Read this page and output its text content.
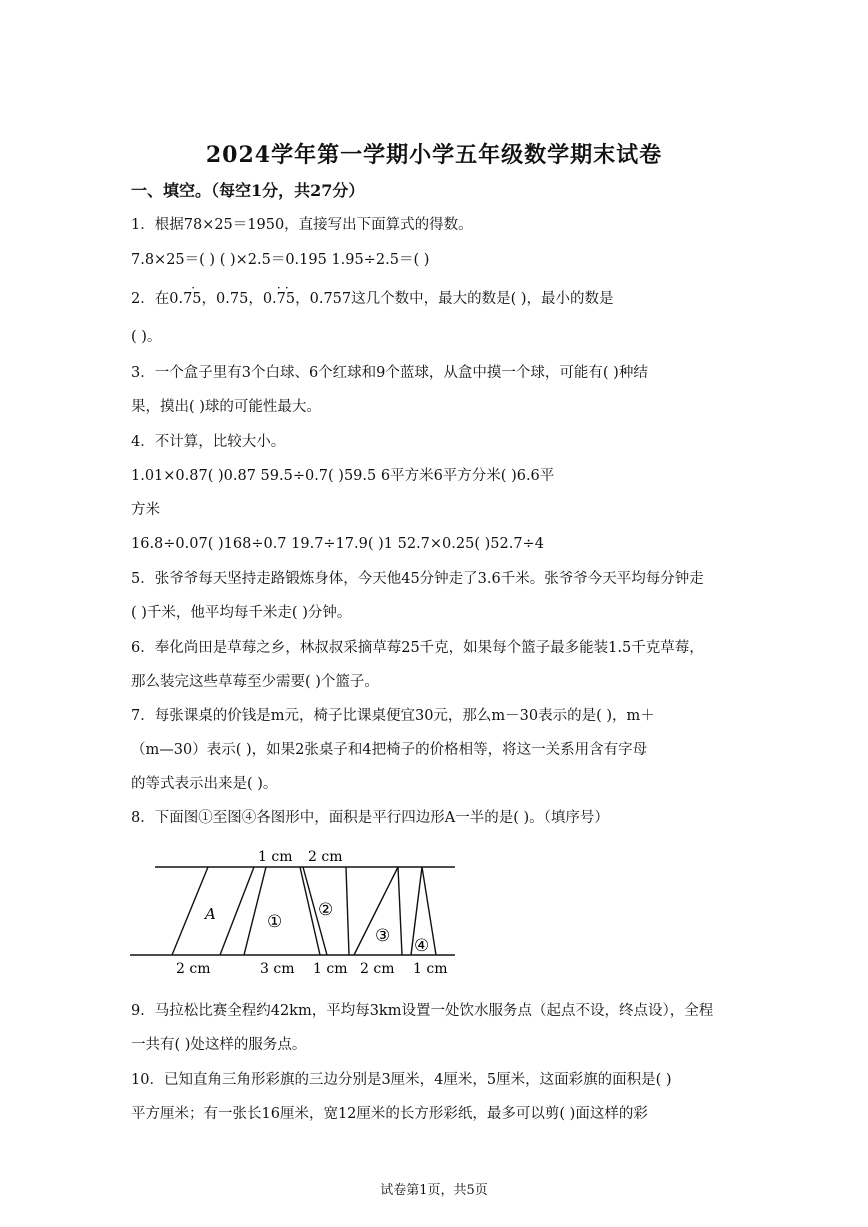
2024学年第一学期小学五年级数学期末试卷
一、填空。（每空1分，共27分）
1．根据78×25＝1950，直接写出下面算式的得数。
7.8×25＝( ) ( )×2.5＝0.195 1.95÷2.5＝( )
2．在0.75
·
，0.75，0.75
· ·
，0.757这几个数中，最大的数是( )，最小的数是
( )。
3．一个盒子里有3个白球、6个红球和9个蓝球，从盒中摸一个球，可能有( )种结
果，摸出( )球的可能性最大。
4．不计算，比较大小。
1.01×0.87( )0.87 59.5÷0.7( )59.5 6平方米6平方分米( )6.6平
方米
16.8÷0.07( )168÷0.7 19.7÷17.9( )1 52.7×0.25( )52.7÷4
5．张爷爷每天坚持走路锻炼身体，今天他45分钟走了3.6千米。张爷爷今天平均每分钟走
( )千米，他平均每千米走( )分钟。
6．奉化尚田是草莓之乡，林叔叔采摘草莓25千克，如果每个篮子最多能装1.5千克草莓，
那么装完这些草莓至少需要( )个篮子。
7．每张课桌的价钱是m元，椅子比课桌便宜30元，那么m－30表示的是( )，m＋
（m—30）表示( )，如果2张桌子和4把椅子的价格相等，将这一关系用含有字母
的等式表示出来是( )。
8．下面图①至图④各图形中，面积是平行四边形A一半的是( )。（填序号）
1 cm 2 cm
2 cm	3 cm 1 cm 2 cm 1 cm
A	①
②
③ ④
9．马拉松比赛全程约42km，平均每3km设置一处饮水服务点（起点不设，终点设），全程
一共有( )处这样的服务点。
10．已知直角三角形彩旗的三边分别是3厘米，4厘米，5厘米，这面彩旗的面积是( )
平方厘米；有一张长16厘米，宽12厘米的长方形彩纸，最多可以剪( )面这样的彩
试卷第1页，共5页
